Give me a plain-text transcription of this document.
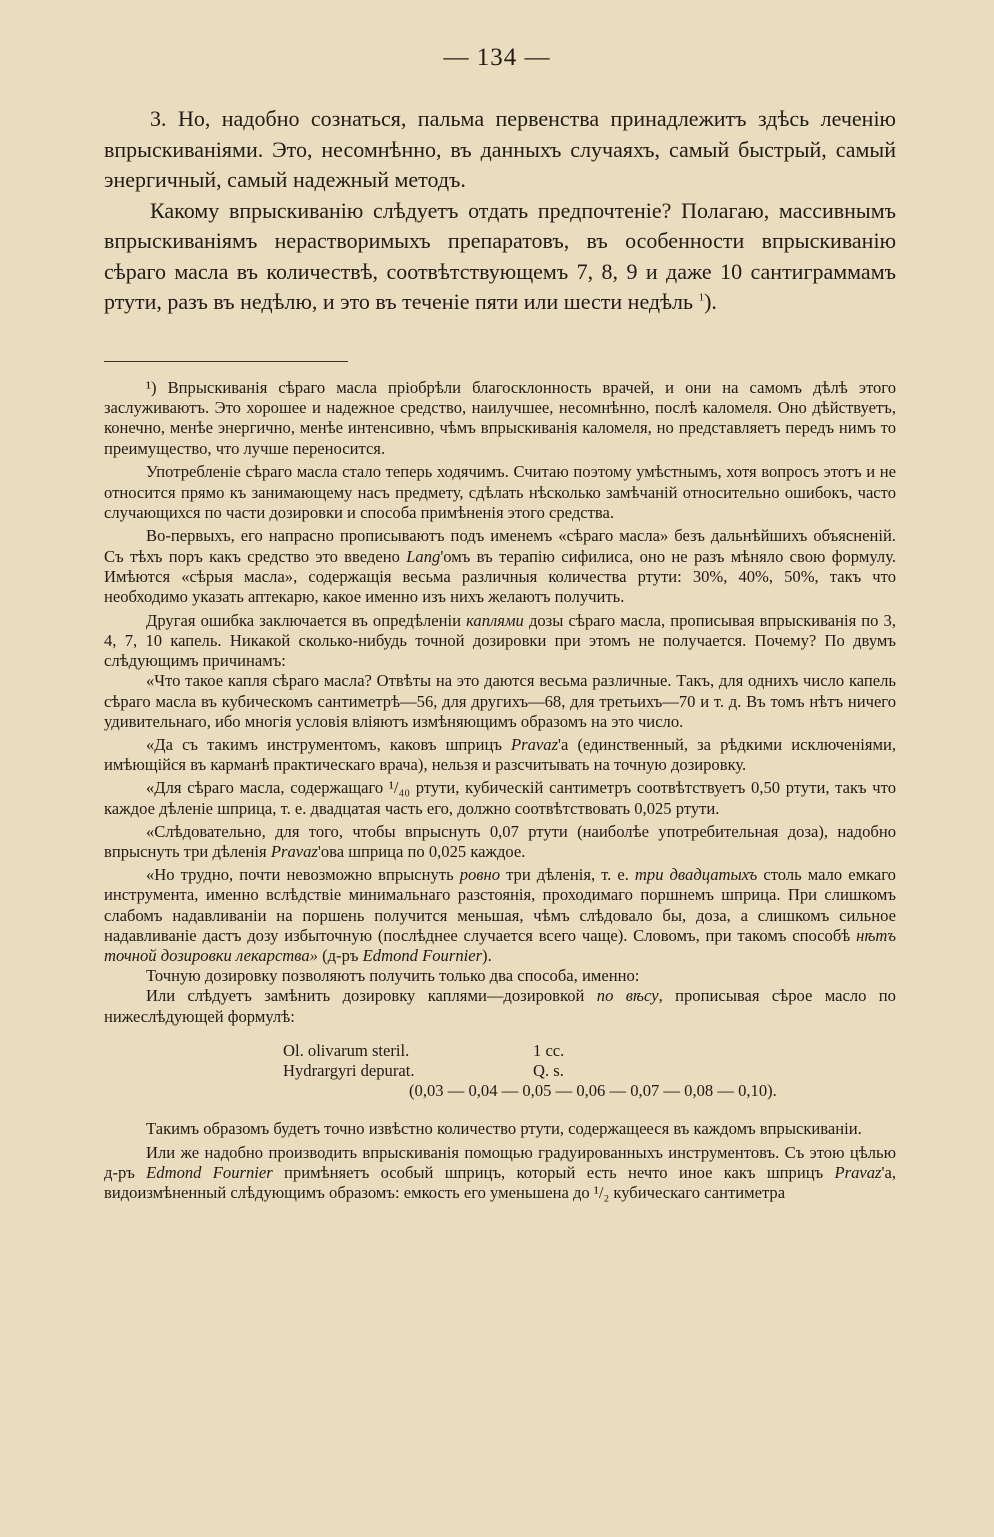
— 134 —

3. Но, надобно сознаться, пальма первенства принадлежитъ здѣсь леченію впрыскиваніями. Это, несомнѣнно, въ данныхъ случаяхъ, самый быстрый, самый энергичный, самый надежный методъ.

Какому впрыскиванію слѣдуетъ отдать предпочтеніе? Полагаю, массивнымъ впрыскиваніямъ нерастворимыхъ препаратовъ, въ особенности впрыскиванію сѣраго масла въ количествѣ, соотвѣтствующемъ 7, 8, 9 и даже 10 сантиграммамъ ртути, разъ въ недѣлю, и это въ теченіе пяти или шести недѣль $^1$).

¹) Впрыскиванія сѣраго масла пріобрѣли благосклонность врачей, и они на самомъ дѣлѣ этого заслуживаютъ. Это хорошее и надежное средство, наилучшее, несомнѣнно, послѣ каломеля. Оно дѣйствуетъ, конечно, менѣе энергично, менѣе интенсивно, чѣмъ впрыскиванія каломеля, но представляетъ передъ нимъ то преимущество, что лучше переносится.

Употребленіе сѣраго масла стало теперь ходячимъ. Считаю поэтому умѣстнымъ, хотя вопросъ этотъ и не относится прямо къ занимающему насъ предмету, сдѣлать нѣсколько замѣчаній относительно ошибокъ, часто случающихся по части дозировки и способа примѣненія этого средства.

Во-первыхъ, его напрасно прописываютъ подъ именемъ «сѣраго масла» безъ дальнѣйшихъ объясненій. Съ тѣхъ поръ какъ средство это введено Lang'омъ въ терапію сифилиса, оно не разъ мѣняло свою формулу. Имѣются «сѣрыя масла», содержащія весьма различныя количества ртути: 30%, 40%, 50%, такъ что необходимо указать аптекарю, какое именно изъ нихъ желаютъ получить.

Другая ошибка заключается въ опредѣленіи каплями дозы сѣраго масла, прописывая впрыскиванія по 3, 4, 7, 10 капель. Никакой сколько-нибудь точной дозировки при этомъ не получается. Почему? По двумъ слѣдующимъ причинамъ:

«Что такое капля сѣраго масла? Отвѣты на это даются весьма различные. Такъ, для однихъ число капель сѣраго масла въ кубическомъ сантиметрѣ—56, для другихъ—68, для третьихъ—70 и т. д. Въ томъ нѣтъ ничего удивительнаго, ибо многія условія вліяютъ измѣняющимъ образомъ на это число.

«Да съ такимъ инструментомъ, каковъ шприцъ Pravaz'а (единственный, за рѣдкими исключеніями, имѣющійся въ карманѣ практическаго врача), нельзя и разсчитывать на точную дозировку.

«Для сѣраго масла, содержащаго ¹/₄₀ ртути, кубическій сантиметръ соотвѣтствуетъ 0,50 ртути, такъ что каждое дѣленіе шприца, т. е. двадцатая часть его, должно соотвѣтствовать 0,025 ртути.

«Слѣдовательно, для того, чтобы впрыснуть 0,07 ртути (наиболѣе употребительная доза), надобно впрыснуть три дѣленія Pravaz'ова шприца по 0,025 каждое.

«Но трудно, почти невозможно впрыснуть ровно три дѣленія, т. е. три двадцатыхъ столь мало емкаго инструмента, именно вслѣдствіе минимальнаго разстоянія, проходимаго поршнемъ шприца. При слишкомъ слабомъ надавливаніи на поршень получится меньшая, чѣмъ слѣдовало бы, доза, а слишкомъ сильное надавливаніе дастъ дозу избыточную (послѣднее случается всего чаще). Словомъ, при такомъ способѣ нѣтъ точной дозировки лекарства» (д-ръ Edmond Fournier).

Точную дозировку позволяютъ получить только два способа, именно:

Или слѣдуетъ замѣнить дозировку каплями—дозировкой по вѣсу, прописывая сѣрое масло по нижеслѣдующей формулѣ:

Ol. olivarum steril.	1 cc.
Hydrargyri depurat.	Q. s.
(0,03 — 0,04 — 0,05 — 0,06 — 0,07 — 0,08 — 0,10).

Такимъ образомъ будетъ точно извѣстно количество ртути, содержащееся въ каждомъ впрыскиваніи.

Или же надобно производить впрыскиванія помощью градуированныхъ инструментовъ. Съ этою цѣлью д-ръ Edmond Fournier примѣняетъ особый шприцъ, который есть нечто иное какъ шприцъ Pravaz'а, видоизмѣненный слѣдующимъ образомъ: емкость его уменьшена до ¹/₂ кубическаго сантиметра
